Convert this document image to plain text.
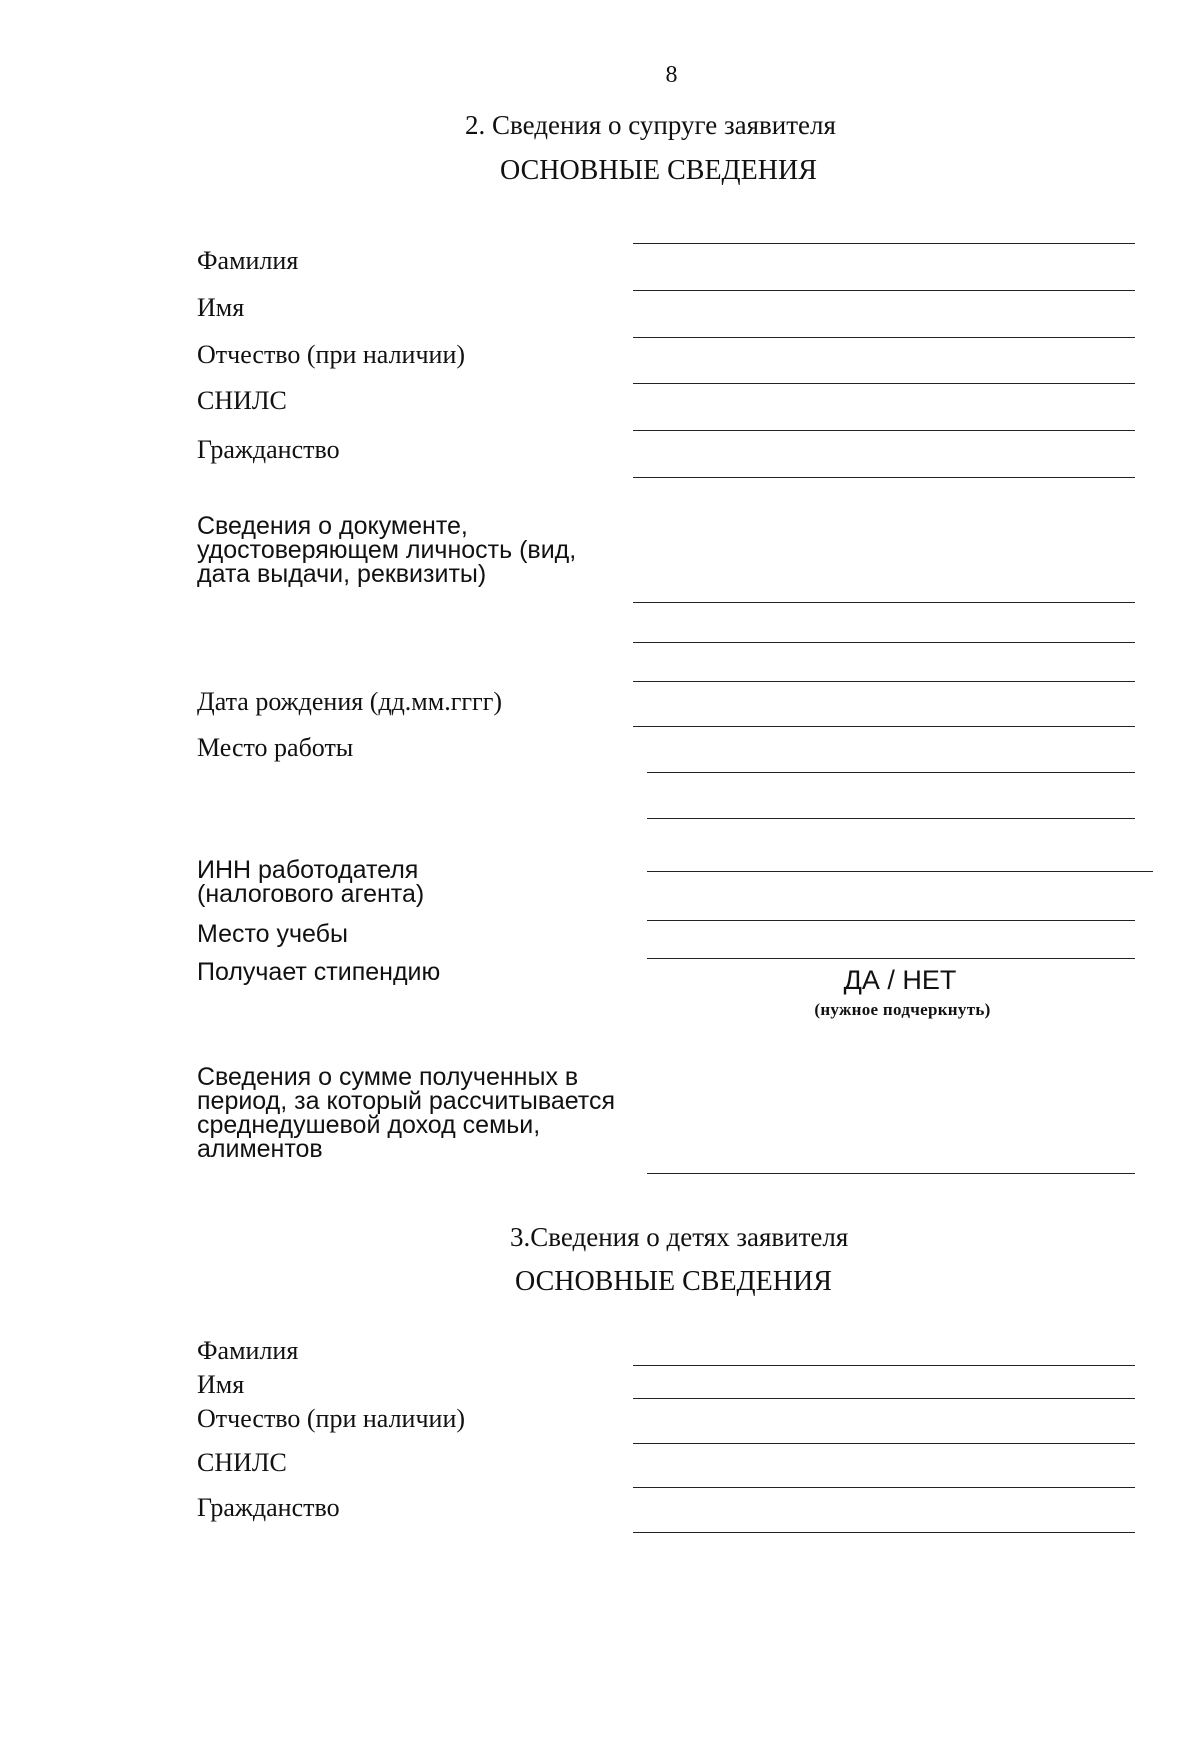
8
2. Сведения о супруге заявителя
ОСНОВНЫЕ СВЕДЕНИЯ
Фамилия
Имя
Отчество (при наличии)
СНИЛС
Гражданство
Сведения о документе, удостоверяющем личность (вид, дата выдачи, реквизиты)
Дата рождения (дд.мм.гггг)
Место работы
ИНН работодателя (налогового агента)
Место учебы
Получает стипендию	ДА / НЕТ
(нужное подчеркнуть)
Сведения о сумме полученных в период, за который рассчитывается среднедушевой доход семьи, алиментов
3.Сведения о детях заявителя
ОСНОВНЫЕ СВЕДЕНИЯ
Фамилия
Имя
Отчество (при наличии)
СНИЛС
Гражданство
